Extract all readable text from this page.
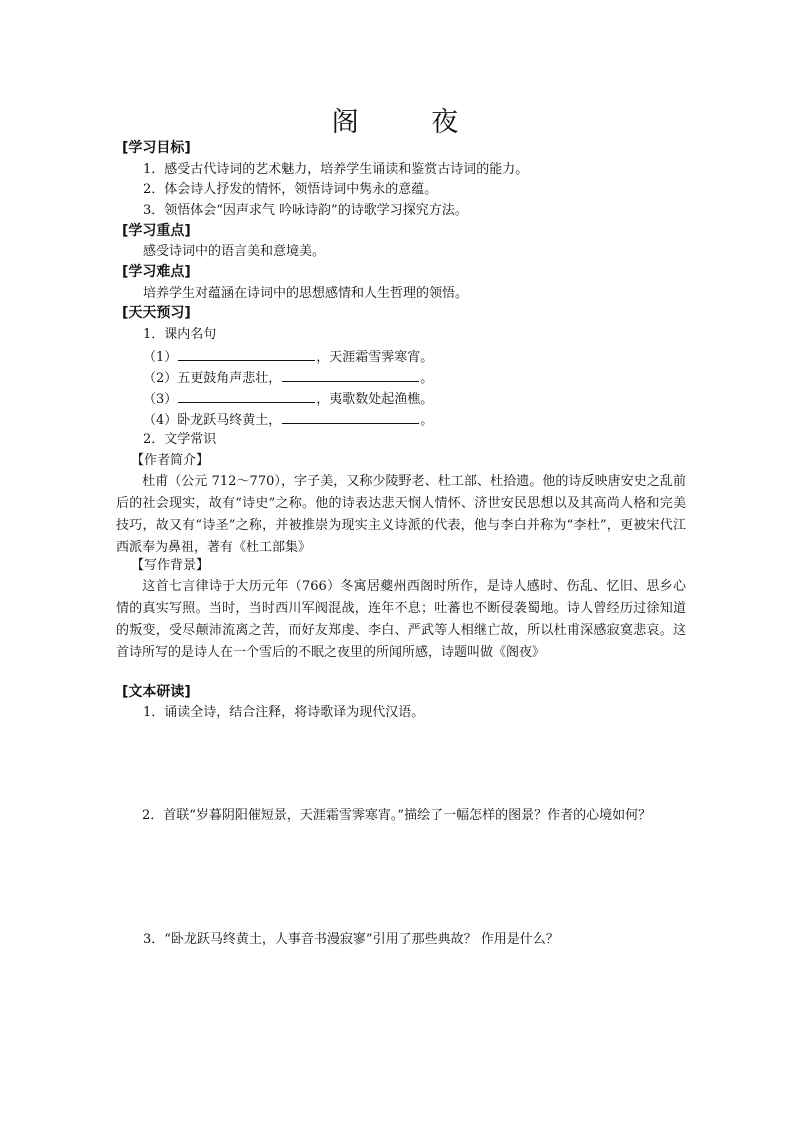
阁 夜
[学习目标]
1．感受古代诗词的艺术魅力，培养学生诵读和鉴赏古诗词的能力。
2．体会诗人抒发的情怀，领悟诗词中隽永的意蕴。
3．领悟体会“因声求气 吟咏诗韵”的诗歌学习探究方法。
[学习重点]
感受诗词中的语言美和意境美。
[学习难点]
培养学生对蕴涵在诗词中的思想感情和人生哲理的领悟。
[天天预习]
1．课内名句
（1）	，天涯霜雪霁寒宵。
（2）五更鼓角声悲壮，	。
（3）	，夷歌数处起渔樵。
（4）卧龙跃马终黄土，	。
2．文学常识
【作者简介】
杜甫（公元 712～770），字子美，又称少陵野老、杜工部、杜拾遗。他的诗反映唐安史之乱前后的社会现实，故有“诗史”之称。他的诗表达悲天悯人情怀、济世安民思想以及其高尚人格和完美技巧，故又有“诗圣”之称，并被推崇为现实主义诗派的代表，他与李白并称为“李杜”，更被宋代江西派奉为鼻祖，著有《杜工部集》
【写作背景】
这首七言律诗于大历元年（766）冬寓居夔州西阁时所作，是诗人感时、伤乱、忆旧、思乡心情的真实写照。当时，当时西川军阀混战，连年不息；吐蕃也不断侵袭蜀地。诗人曾经历过徐知道的叛变，受尽颠沛流离之苦，而好友郑虔、李白、严武等人相继亡故，所以杜甫深感寂寞悲哀。这首诗所写的是诗人在一个雪后的不眠之夜里的所闻所感，诗题叫做《阁夜》
[文本研读]
1．诵读全诗，结合注释，将诗歌译为现代汉语。
2．首联“岁暮阴阳催短景，天涯霜雪霁寒宵。”描绘了一幅怎样的图景？作者的心境如何？
3．“卧龙跃马终黄土，人事音书漫寂寥”引用了那些典故？ 作用是什么？
